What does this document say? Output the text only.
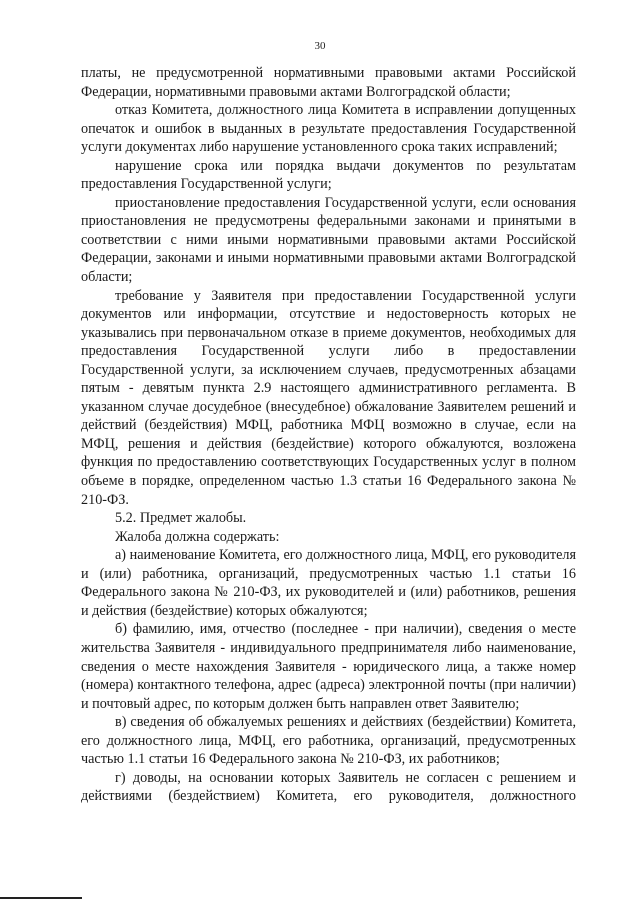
30

платы, не предусмотренной нормативными правовыми актами Российской Федерации, нормативными правовыми актами Волгоградской области;

отказ Комитета, должностного лица Комитета в исправлении допущенных опечаток и ошибок в выданных в результате предоставления Государственной услуги документах либо нарушение установленного срока таких исправлений;

нарушение срока или порядка выдачи документов по результатам предоставления Государственной услуги;

приостановление предоставления Государственной услуги, если основания приостановления не предусмотрены федеральными законами и принятыми в соответствии с ними иными нормативными правовыми актами Российской Федерации, законами и иными нормативными правовыми актами Волгоградской области;

требование у Заявителя при предоставлении Государственной услуги документов или информации, отсутствие и недостоверность которых не указывались при первоначальном отказе в приеме документов, необходимых для предоставления Государственной услуги либо в предоставлении Государственной услуги, за исключением случаев, предусмотренных абзацами пятым - девятым пункта 2.9 настоящего административного регламента. В указанном случае досудебное (внесудебное) обжалование Заявителем решений и действий (бездействия) МФЦ, работника МФЦ возможно в случае, если на МФЦ, решения и действия (бездействие) которого обжалуются, возложена функция по предоставлению соответствующих Государственных услуг в полном объеме в порядке, определенном частью 1.3 статьи 16 Федерального закона № 210-ФЗ.

5.2. Предмет жалобы.

Жалоба должна содержать:

а) наименование Комитета, его должностного лица, МФЦ, его руководителя и (или) работника, организаций, предусмотренных частью 1.1 статьи 16 Федерального закона № 210-ФЗ, их руководителей и (или) работников, решения и действия (бездействие) которых обжалуются;

б) фамилию, имя, отчество (последнее - при наличии), сведения о месте жительства Заявителя - индивидуального предпринимателя либо наименование, сведения о месте нахождения Заявителя - юридического лица, а также номер (номера) контактного телефона, адрес (адреса) электронной почты (при наличии) и почтовый адрес, по которым должен быть направлен ответ Заявителю;

в) сведения об обжалуемых решениях и действиях (бездействии) Комитета, его должностного лица, МФЦ, его работника, организаций, предусмотренных частью 1.1 статьи 16 Федерального закона № 210-ФЗ, их работников;

г) доводы, на основании которых Заявитель не согласен с решением и действиями (бездействием) Комитета, его руководителя, должностного
